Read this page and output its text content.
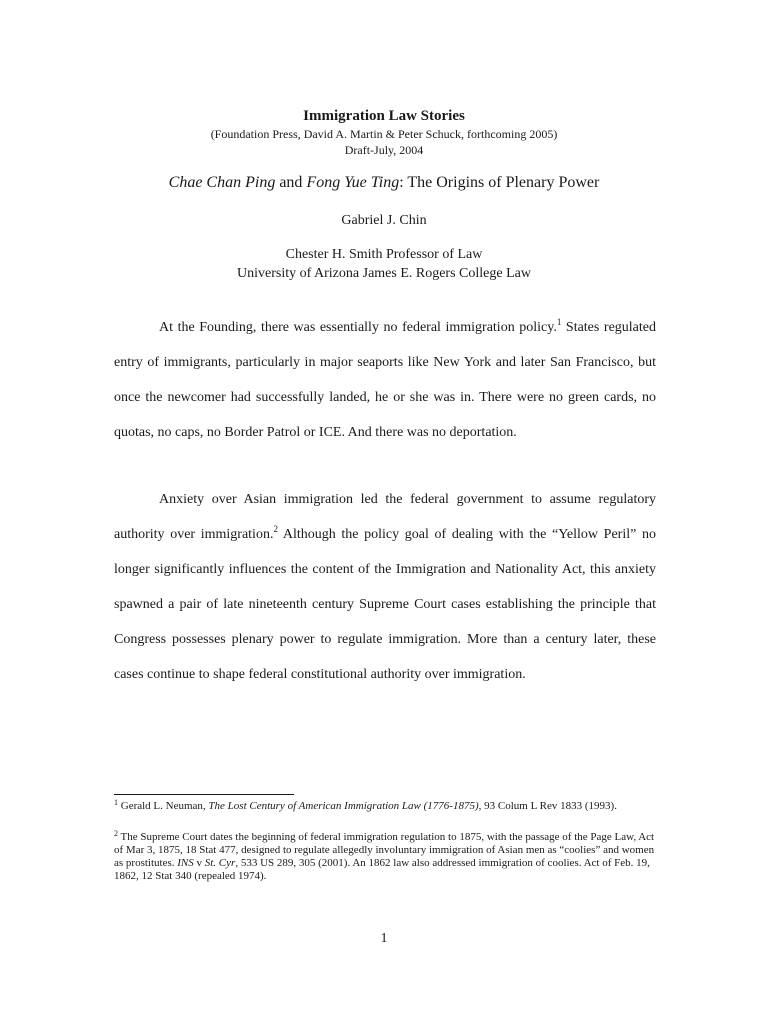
Immigration Law Stories
(Foundation Press, David A. Martin & Peter Schuck, forthcoming 2005)
Draft-July, 2004
Chae Chan Ping and Fong Yue Ting: The Origins of Plenary Power
Gabriel J. Chin
Chester H. Smith Professor of Law
University of Arizona James E. Rogers College Law

At the Founding, there was essentially no federal immigration policy.$^1$ States regulated entry of immigrants, particularly in major seaports like New York and later San Francisco, but once the newcomer had successfully landed, he or she was in. There were no green cards, no quotas, no caps, no Border Patrol or ICE. And there was no deportation.

Anxiety over Asian immigration led the federal government to assume regulatory authority over immigration.$^2$ Although the policy goal of dealing with the “Yellow Peril” no longer significantly influences the content of the Immigration and Nationality Act, this anxiety spawned a pair of late nineteenth century Supreme Court cases establishing the principle that Congress possesses plenary power to regulate immigration. More than a century later, these cases continue to shape federal constitutional authority over immigration.

$^1$ Gerald L. Neuman, The Lost Century of American Immigration Law (1776-1875), 93 Colum L Rev 1833 (1993).

$^2$ The Supreme Court dates the beginning of federal immigration regulation to 1875, with the passage of the Page Law, Act of Mar 3, 1875, 18 Stat 477, designed to regulate allegedly involuntary immigration of Asian men as “coolies” and women as prostitutes. INS v St. Cyr, 533 US 289, 305 (2001). An 1862 law also addressed immigration of coolies. Act of Feb. 19, 1862, 12 Stat 340 (repealed 1974).

1
